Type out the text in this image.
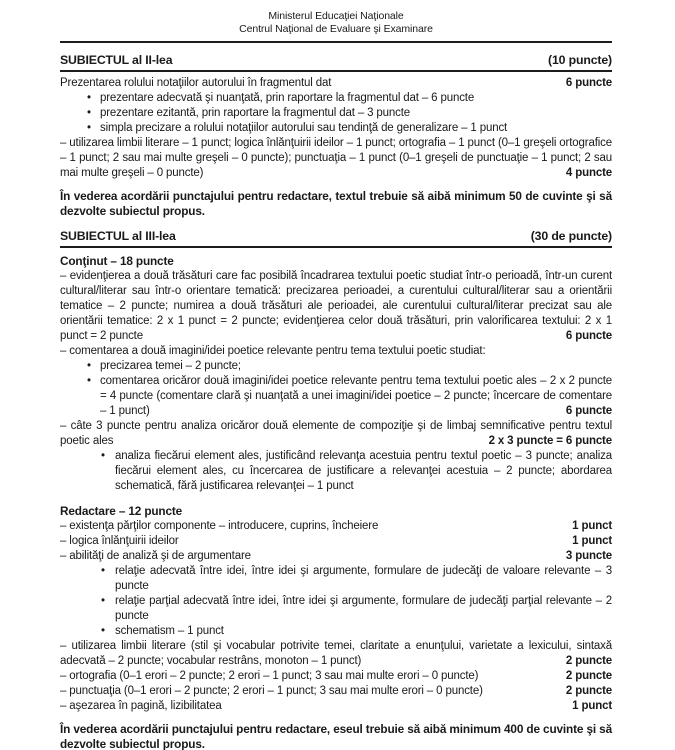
Ministerul Educaţiei Naţionale
Centrul Naţional de Evaluare şi Examinare
SUBIECTUL al II-lea	(10 puncte)

Prezentarea rolului notaţiilor autorului în fragmentul dat	6 puncte

• prezentare adecvată şi nuanţată, prin raportare la fragmentul dat – 6 puncte
• prezentare ezitantă, prin raportare la fragmentul dat – 3 puncte
• simpla precizare a rolului notaţiilor autorului sau tendinţă de generalizare – 1 punct

– utilizarea limbii literare – 1 punct; logica înlănţuirii ideilor – 1 punct; ortografia – 1 punct (0–1 greşeli ortografice – 1 punct; 2 sau mai multe greşeli – 0 puncte); punctuaţia – 1 punct (0–1 greşeli de punctuaţie – 1 punct; 2 sau mai multe greşeli – 0 puncte)	4 puncte

În vederea acordării punctajului pentru redactare, textul trebuie să aibă minimum 50 de cuvinte şi să dezvolte subiectul propus.

SUBIECTUL al III-lea	(30 de puncte)

Conţinut – 18 puncte

– evidenţierea a două trăsături care fac posibilă încadrarea textului poetic studiat într-o perioadă, într-un curent cultural/literar sau într-o orientare tematică: precizarea perioadei, a curentului cultural/literar sau a orientării tematice – 2 puncte; numirea a două trăsături ale perioadei, ale curentului cultural/literar precizat sau ale orientării tematice: 2 x 1 punct = 2 puncte; evidenţierea celor două trăsături, prin valorificarea textului: 2 x 1 punct = 2 puncte	6 puncte

– comentarea a două imagini/idei poetice relevante pentru tema textului poetic studiat:

• precizarea temei – 2 puncte;
• comentarea oricăror două imagini/idei poetice relevante pentru tema textului poetic ales – 2 x 2 puncte = 4 puncte (comentare clară şi nuanţată a unei imagini/idei poetice – 2 puncte; încercare de comentare – 1 punct)	6 puncte

– câte 3 puncte pentru analiza oricăror două elemente de compoziţie şi de limbaj semnificative pentru textul poetic ales	2 x 3 puncte = 6 puncte

• analiza fiecărui element ales, justificând relevanţa acestuia pentru textul poetic – 3 puncte; analiza fiecărui element ales, cu încercarea de justificare a relevanţei acestuia – 2 puncte; abordarea schematică, fără justificarea relevanţei – 1 punct

Redactare – 12 puncte

– existenţa părţilor componente – introducere, cuprins, încheiere	1 punct

– logica înlănţuirii ideilor	1 punct

– abilităţi de analiză şi de argumentare	3 puncte

• relaţie adecvată între idei, între idei şi argumente, formulare de judecăţi de valoare relevante – 3 puncte
• relaţie parţial adecvată între idei, între idei şi argumente, formulare de judecăţi parţial relevante – 2 puncte
• schematism – 1 punct

– utilizarea limbii literare (stil şi vocabular potrivite temei, claritate a enunţului, varietate a lexicului, sintaxă adecvată – 2 puncte; vocabular restrâns, monoton – 1 punct)	2 puncte

– ortografia (0–1 erori – 2 puncte; 2 erori – 1 punct; 3 sau mai multe erori – 0 puncte)	2 puncte

– punctuaţia (0–1 erori – 2 puncte; 2 erori – 1 punct; 3 sau mai multe erori – 0 puncte)	2 puncte

– aşezarea în pagină, lizibilitatea	1 punct

În vederea acordării punctajului pentru redactare, eseul trebuie să aibă minimum 400 de cuvinte şi să dezvolte subiectul propus.
